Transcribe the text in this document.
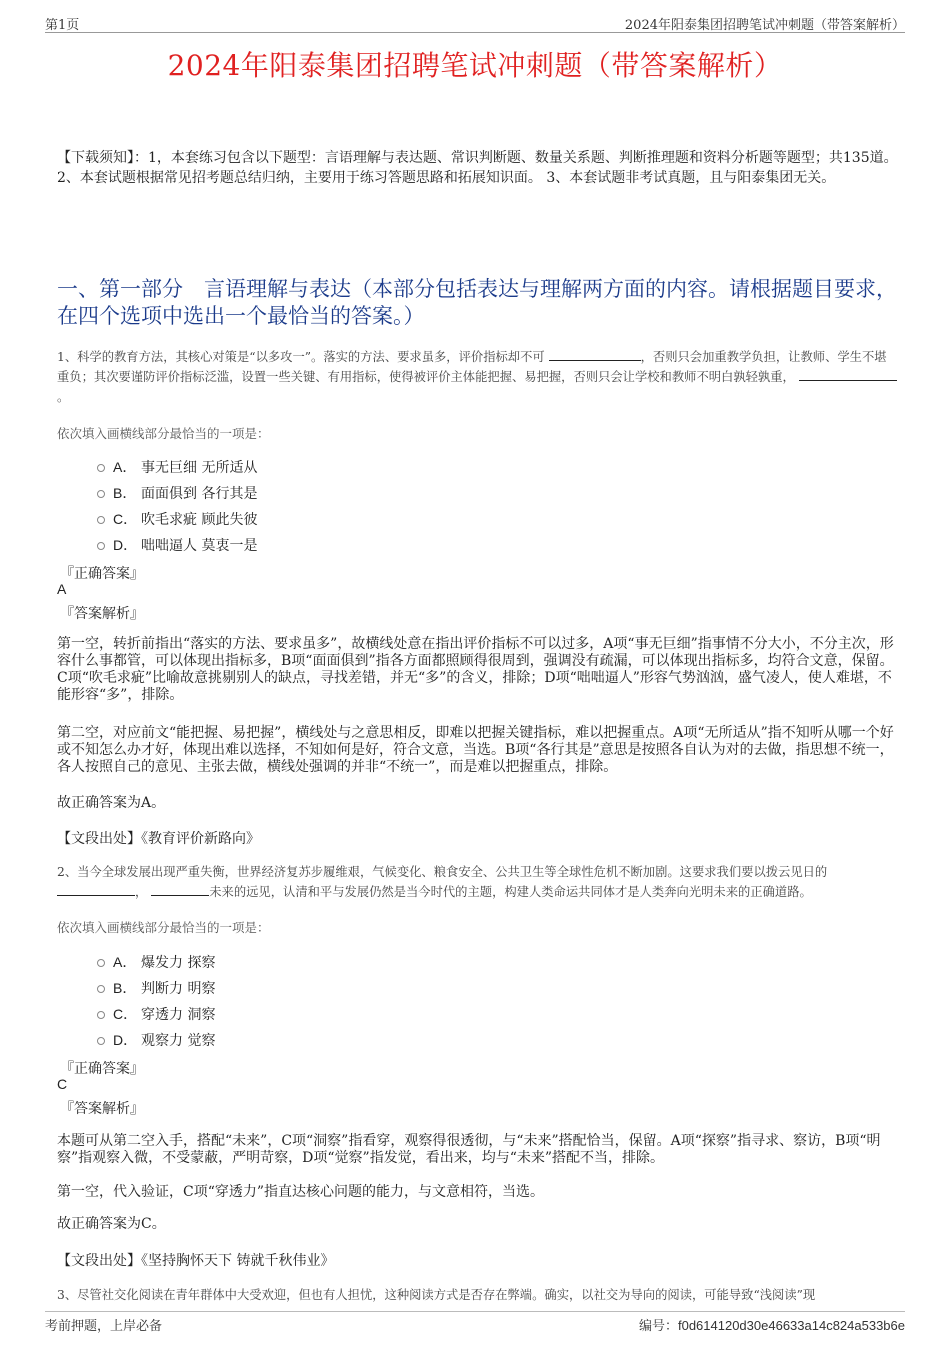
第1页	2024年阳泰集团招聘笔试冲刺题（带答案解析）
2024年阳泰集团招聘笔试冲刺题（带答案解析）
【下载须知】：1，本套练习包含以下题型：言语理解与表达题、常识判断题、数量关系题、判断推理题和资料分析题等题型；共135道。 2、本套试题根据常见招考题总结归纳，主要用于练习答题思路和拓展知识面。 3、本套试题非考试真题，且与阳泰集团无关。
一、第一部分　言语理解与表达（本部分包括表达与理解两方面的内容。请根据题目要求，在四个选项中选出一个最恰当的答案。）
1、科学的教育方法，其核心对策是“以多攻一”。落实的方法、要求虽多，评价指标却不可	，否则只会加重教学负担，让教师、学生不堪重负；其次要谨防评价指标泛滥，设置一些关键、有用指标，使得被评价主体能把握、易把握，否则只会让学校和教师不明白孰轻孰重， 。
依次填入画横线部分最恰当的一项是：
A． 事无巨细 无所适从
B． 面面俱到 各行其是
C． 吹毛求疵 顾此失彼
D． 咄咄逼人 莫衷一是
『正确答案』
A
『答案解析』
第一空，转折前指出“落实的方法、要求虽多”，故横线处意在指出评价指标不可以过多，A项“事无巨细”指事情不分大小，不分主次，形容什么事都管，可以体现出指标多，B项“面面俱到”指各方面都照顾得很周到，强调没有疏漏，可以体现出指标多，均符合文意，保留。C项“吹毛求疵”比喻故意挑剔别人的缺点，寻找差错，并无“多”的含义，排除；D项“咄咄逼人”形容气势汹汹，盛气凌人，使人难堪，不能形容“多”，排除。
第二空，对应前文“能把握、易把握”，横线处与之意思相反，即难以把握关键指标，难以把握重点。A项“无所适从”指不知听从哪一个好或不知怎么办才好，体现出难以选择，不知如何是好，符合文意，当选。B项“各行其是”意思是按照各自认为对的去做，指思想不统一，各人按照自己的意见、主张去做，横线处强调的并非“不统一”，而是难以把握重点，排除。
故正确答案为A。
【文段出处】《教育评价新路向》
2、当今全球发展出现严重失衡，世界经济复苏步履维艰，气候变化、粮食安全、公共卫生等全球性危机不断加剧。这要求我们要以拨云见日的 ，	未来的远见，认清和平与发展仍然是当今时代的主题，构建人类命运共同体才是人类奔向光明未来的正确道路。
依次填入画横线部分最恰当的一项是：
A． 爆发力 探察
B． 判断力 明察
C． 穿透力 洞察
D． 观察力 觉察
『正确答案』
C
『答案解析』
本题可从第二空入手，搭配“未来”，C项“洞察”指看穿，观察得很透彻，与“未来”搭配恰当，保留。A项“探察”指寻求、察访，B项“明察”指观察入微，不受蒙蔽，严明苛察，D项“觉察”指发觉，看出来，均与“未来”搭配不当，排除。
第一空，代入验证，C项“穿透力”指直达核心问题的能力，与文意相符，当选。
故正确答案为C。
【文段出处】《坚持胸怀天下 铸就千秋伟业》
3、尽管社交化阅读在青年群体中大受欢迎，但也有人担忧，这种阅读方式是否存在弊端。确实，以社交为导向的阅读，可能导致“浅阅读”现
考前押题，上岸必备	编号：f0d614120d30e46633a14c824a533b6e
